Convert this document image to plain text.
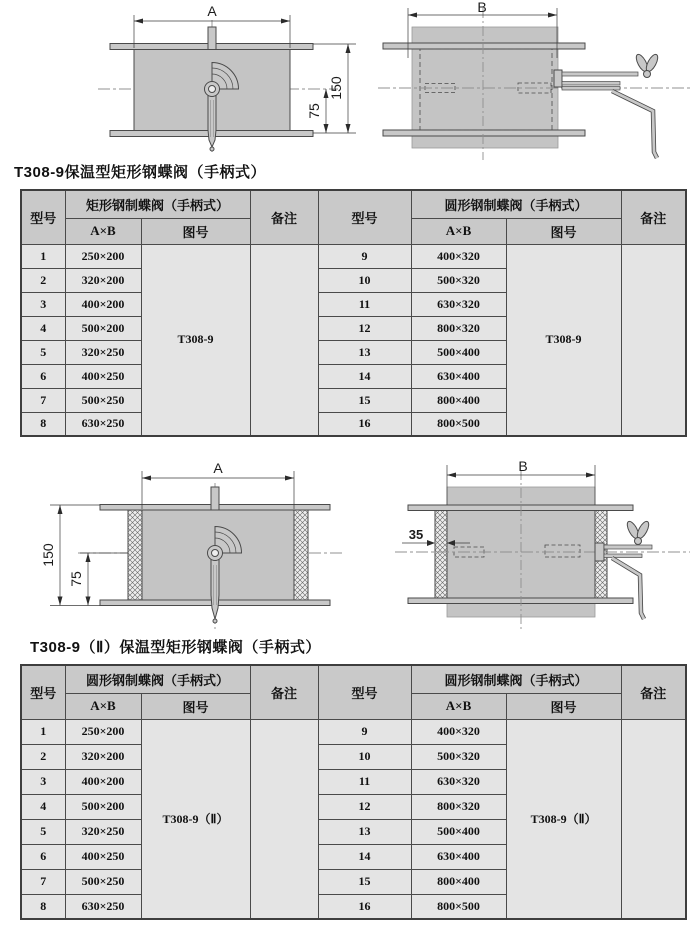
A
150
75
B
T308-9保温型矩形钢蝶阀（手柄式）
型号	矩形钢制蝶阀（手柄式）		备注	型号	圆形钢制蝶阀（手柄式）		备注
	A×B	图号			A×B	图号	
1	250×200	T308-9		9	400×320	T308-9	
2	320×200			10	500×320		
3	400×200			11	630×320		
4	500×200			12	800×320		
5	320×250			13	500×400		
6	400×250			14	630×400		
7	500×250			15	800×400		
8	630×250			16	800×500		
A
150
75
B
35
T308-9（Ⅱ）保温型矩形钢蝶阀（手柄式）
型号	圆形钢制蝶阀（手柄式）		备注	型号	圆形钢制蝶阀（手柄式）		备注
	A×B	图号			A×B	图号	
1	250×200	T308-9（Ⅱ）		9	400×320	T308-9（Ⅱ）	
2	320×200			10	500×320		
3	400×200			11	630×320		
4	500×200			12	800×320		
5	320×250			13	500×400		
6	400×250			14	630×400		
7	500×250			15	800×400		
8	630×250			16	800×500		
